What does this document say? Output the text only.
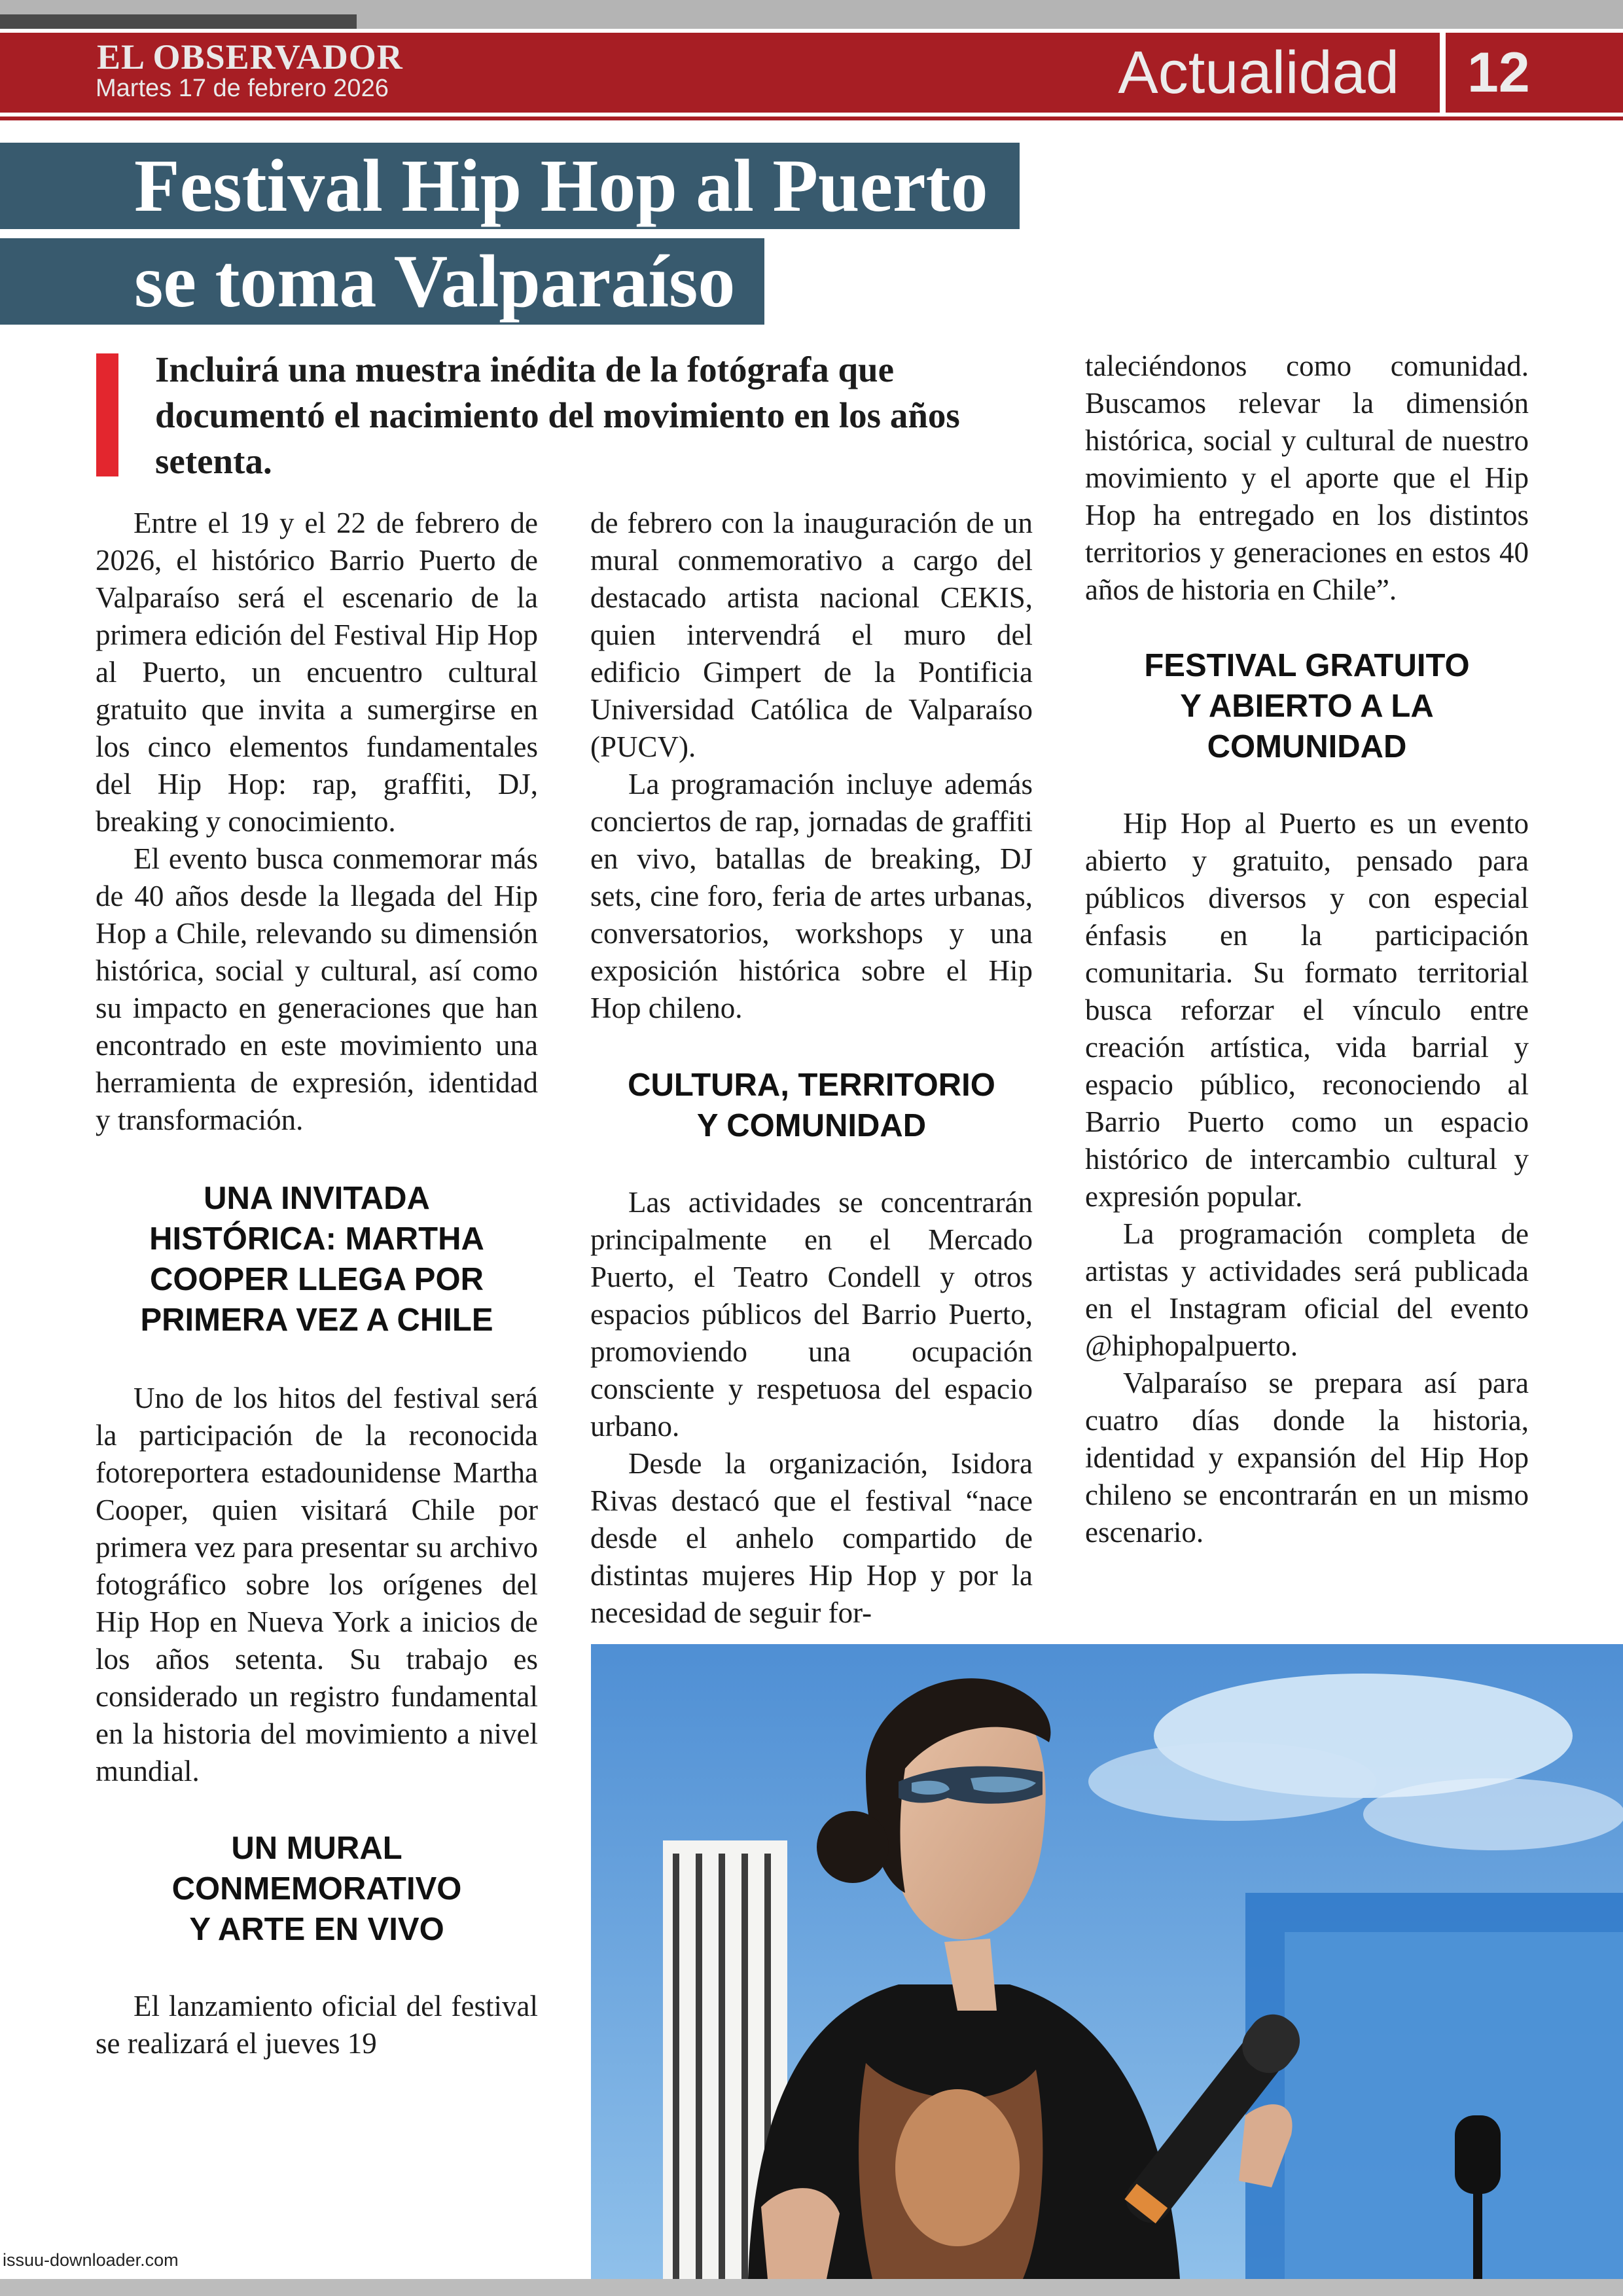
EL OBSERVADOR
Martes 17 de febrero 2026	Actualidad 12
Festival Hip Hop al Puerto
se toma Valparaíso
Incluirá una muestra inédita de la fotógrafa que documentó el nacimiento del movimiento en los años setenta.

Entre el 19 y el 22 de febrero de 2026, el histórico Barrio Puerto de Valparaíso será el escenario de la primera edición del Festival Hip Hop al Puerto, un encuentro cultural gratuito que invita a sumergirse en los cinco elementos fundamentales del Hip Hop: rap, graffiti, DJ, breaking y conocimiento.

El evento busca conmemorar más de 40 años desde la llegada del Hip Hop a Chile, relevando su dimensión histórica, social y cultural, así como su impacto en generaciones que han encontrado en este movimiento una herramienta de expresión, identidad y transformación.

UNA INVITADA
HISTÓRICA: MARTHA
COOPER LLEGA POR
PRIMERA VEZ A CHILE

Uno de los hitos del festival será la participación de la reconocida fotoreportera estadounidense Martha Cooper, quien visitará Chile por primera vez para presentar su archivo fotográfico sobre los orígenes del Hip Hop en Nueva York a inicios de los años setenta. Su trabajo es considerado un registro fundamental en la historia del movimiento a nivel mundial.

UN MURAL
CONMEMORATIVO
Y ARTE EN VIVO

El lanzamiento oficial del festival se realizará el jueves 19

de febrero con la inauguración de un mural conmemorativo a cargo del destacado artista nacional CEKIS, quien intervendrá el muro del edificio Gimpert de la Pontificia Universidad Católica de Valparaíso (PUCV).

La programación incluye además conciertos de rap, jornadas de graffiti en vivo, batallas de breaking, DJ sets, cine foro, feria de artes urbanas, conversatorios, workshops y una exposición histórica sobre el Hip Hop chileno.

CULTURA, TERRITORIO
Y COMUNIDAD

Las actividades se concentrarán principalmente en el Mercado Puerto, el Teatro Condell y otros espacios públicos del Barrio Puerto, promoviendo una ocupación consciente y respetuosa del espacio urbano.

Desde la organización, Isidora Rivas destacó que el festival “nace desde el anhelo compartido de distintas mujeres Hip Hop y por la necesidad de seguir for-

taleciéndonos como comunidad. Buscamos relevar la dimensión histórica, social y cultural de nuestro movimiento y el aporte que el Hip Hop ha entregado en los distintos territorios y generaciones en estos 40 años de historia en Chile”.

FESTIVAL GRATUITO
Y ABIERTO A LA
COMUNIDAD

Hip Hop al Puerto es un evento abierto y gratuito, pensado para públicos diversos y con especial énfasis en la participación comunitaria. Su formato territorial busca reforzar el vínculo entre creación artística, vida barrial y espacio público, reconociendo al Barrio Puerto como un espacio histórico de intercambio cultural y expresión popular.

La programación completa de artistas y actividades será publicada en el Instagram oficial del evento @hiphopalpuerto.

Valparaíso se prepara así para cuatro días donde la historia, identidad y expansión del Hip Hop chileno se encontrarán en un mismo escenario.

issuu-downloader.com
